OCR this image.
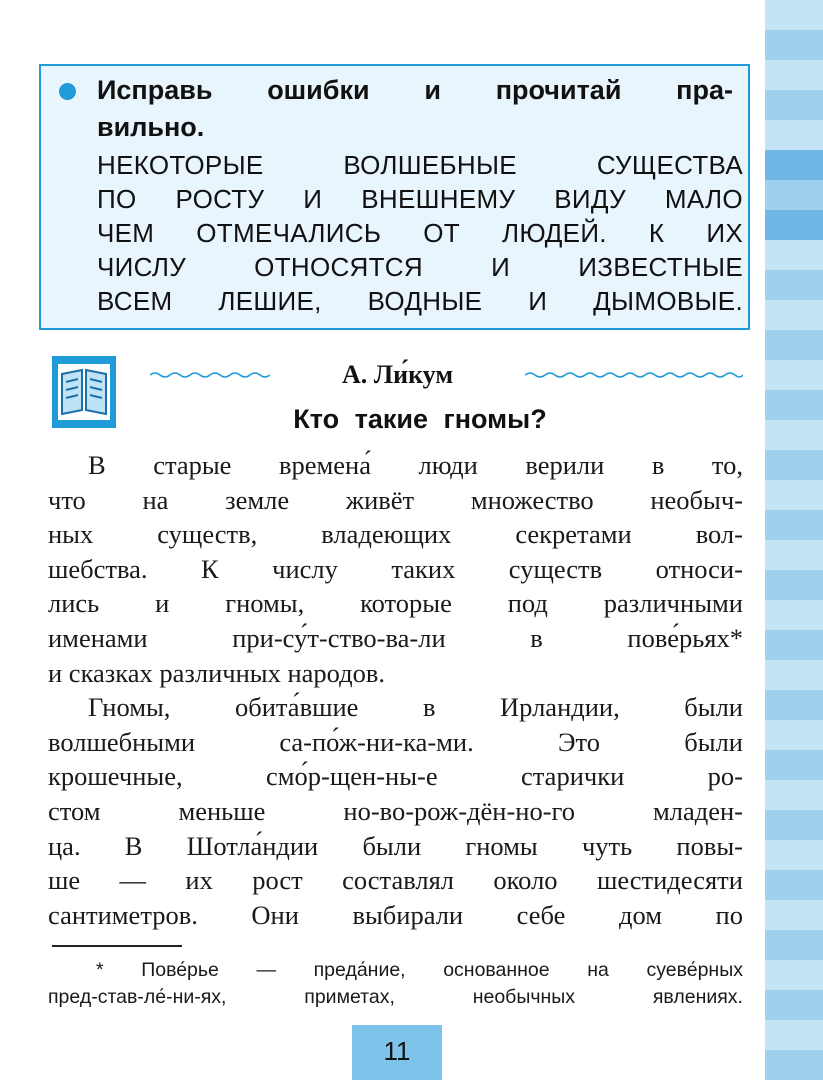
Исправь ошибки и прочитай пра-
вильно.
НЕКОТОРЫЕ	ВОЛШЕБНЫЕ	СУЩЕСТВА
ПО РОСТУ И ВНЕШНЕМУ ВИДУ МАЛО
ЧЕМ ОТМЕЧАЛИСЬ ОТ ЛЮДЕЙ. К ИХ
ЧИСЛУ	ОТНОСЯТСЯ	И	ИЗВЕСТНЫЕ
ВСЕМ ЛЕШИЕ, ВОДНЫЕ И ДЫМОВЫЕ.
А. Ли́кум
Кто такие гномы?
В старые времена́ люди верили в то,
что на земле живёт множество необыч-
ных существ, владеющих секретами вол-
шебства. К числу таких существ относи-
лись и гномы, которые под различными
именами	при-су́т-ство-ва-ли	в	пове́рьях*
и сказках различных народов.
Гномы, обита́вшие в Ирландии, были
волшебными	са-по́ж-ни-ка-ми.	Это	были
крошечные,	смо́р-щен-ны-е	старички	ро-
стом	меньше	но-во-рож-дён-но-го	младен-
ца. В Шотла́ндии были гномы чуть повы-
ше — их рост составлял около шестидесяти
сантиметров. Они выбирали себе дом по
* Пове́рье — преда́ние, основанное на суеве́рных
пред-став-ле́-ни-ях,	приметах,	необычных	явлениях.
11
